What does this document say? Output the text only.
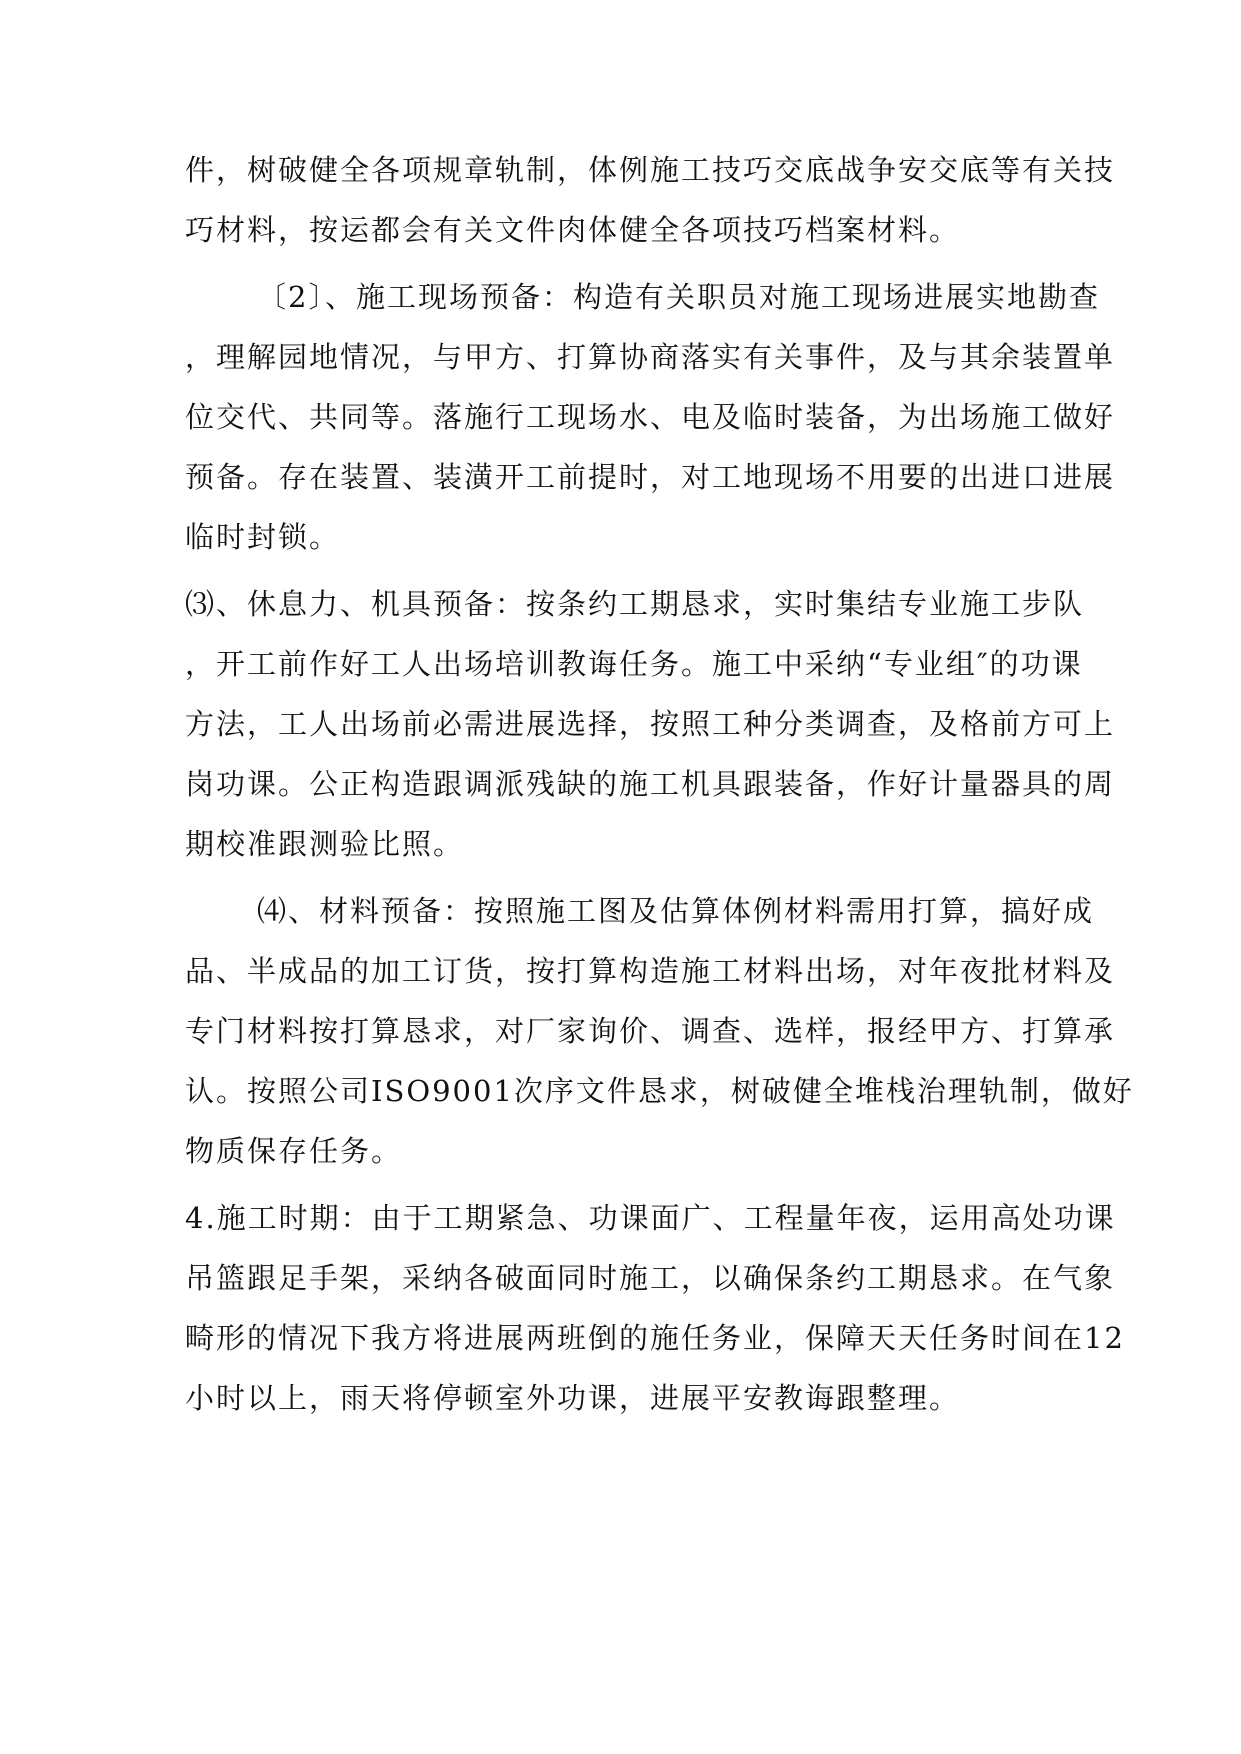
件，树破健全各项规章轨制，体例施工技巧交底战争安交底等有关技
巧材料，按运都会有关文件肉体健全各项技巧档案材料。
〔2〕、施工现场预备：构造有关职员对施工现场进展实地勘查
，理解园地情况，与甲方、打算协商落实有关事件，及与其余装置单
位交代、共同等。落施行工现场水、电及临时装备，为出场施工做好
预备。存在装置、装潢开工前提时，对工地现场不用要的出进口进展
临时封锁。
⑶、休息力、机具预备：按条约工期恳求，实时集结专业施工步队
，开工前作好工人出场培训教诲任务。施工中采纳“专业组″的功课
方法，工人出场前必需进展选择，按照工种分类调查，及格前方可上
岗功课。公正构造跟调派残缺的施工机具跟装备，作好计量器具的周
期校准跟测验比照。
⑷、材料预备：按照施工图及估算体例材料需用打算，搞好成
品、半成品的加工订货，按打算构造施工材料出场，对年夜批材料及
专门材料按打算恳求，对厂家询价、调查、选样，报经甲方、打算承
认。按照公司ISO9001次序文件恳求，树破健全堆栈治理轨制，做好
物质保存任务。
4.施工时期：由于工期紧急、功课面广、工程量年夜，运用高处功课
吊篮跟足手架，采纳各破面同时施工，以确保条约工期恳求。在气象
畸形的情况下我方将进展两班倒的施任务业，保障天天任务时间在12
小时以上，雨天将停顿室外功课，进展平安教诲跟整理。
